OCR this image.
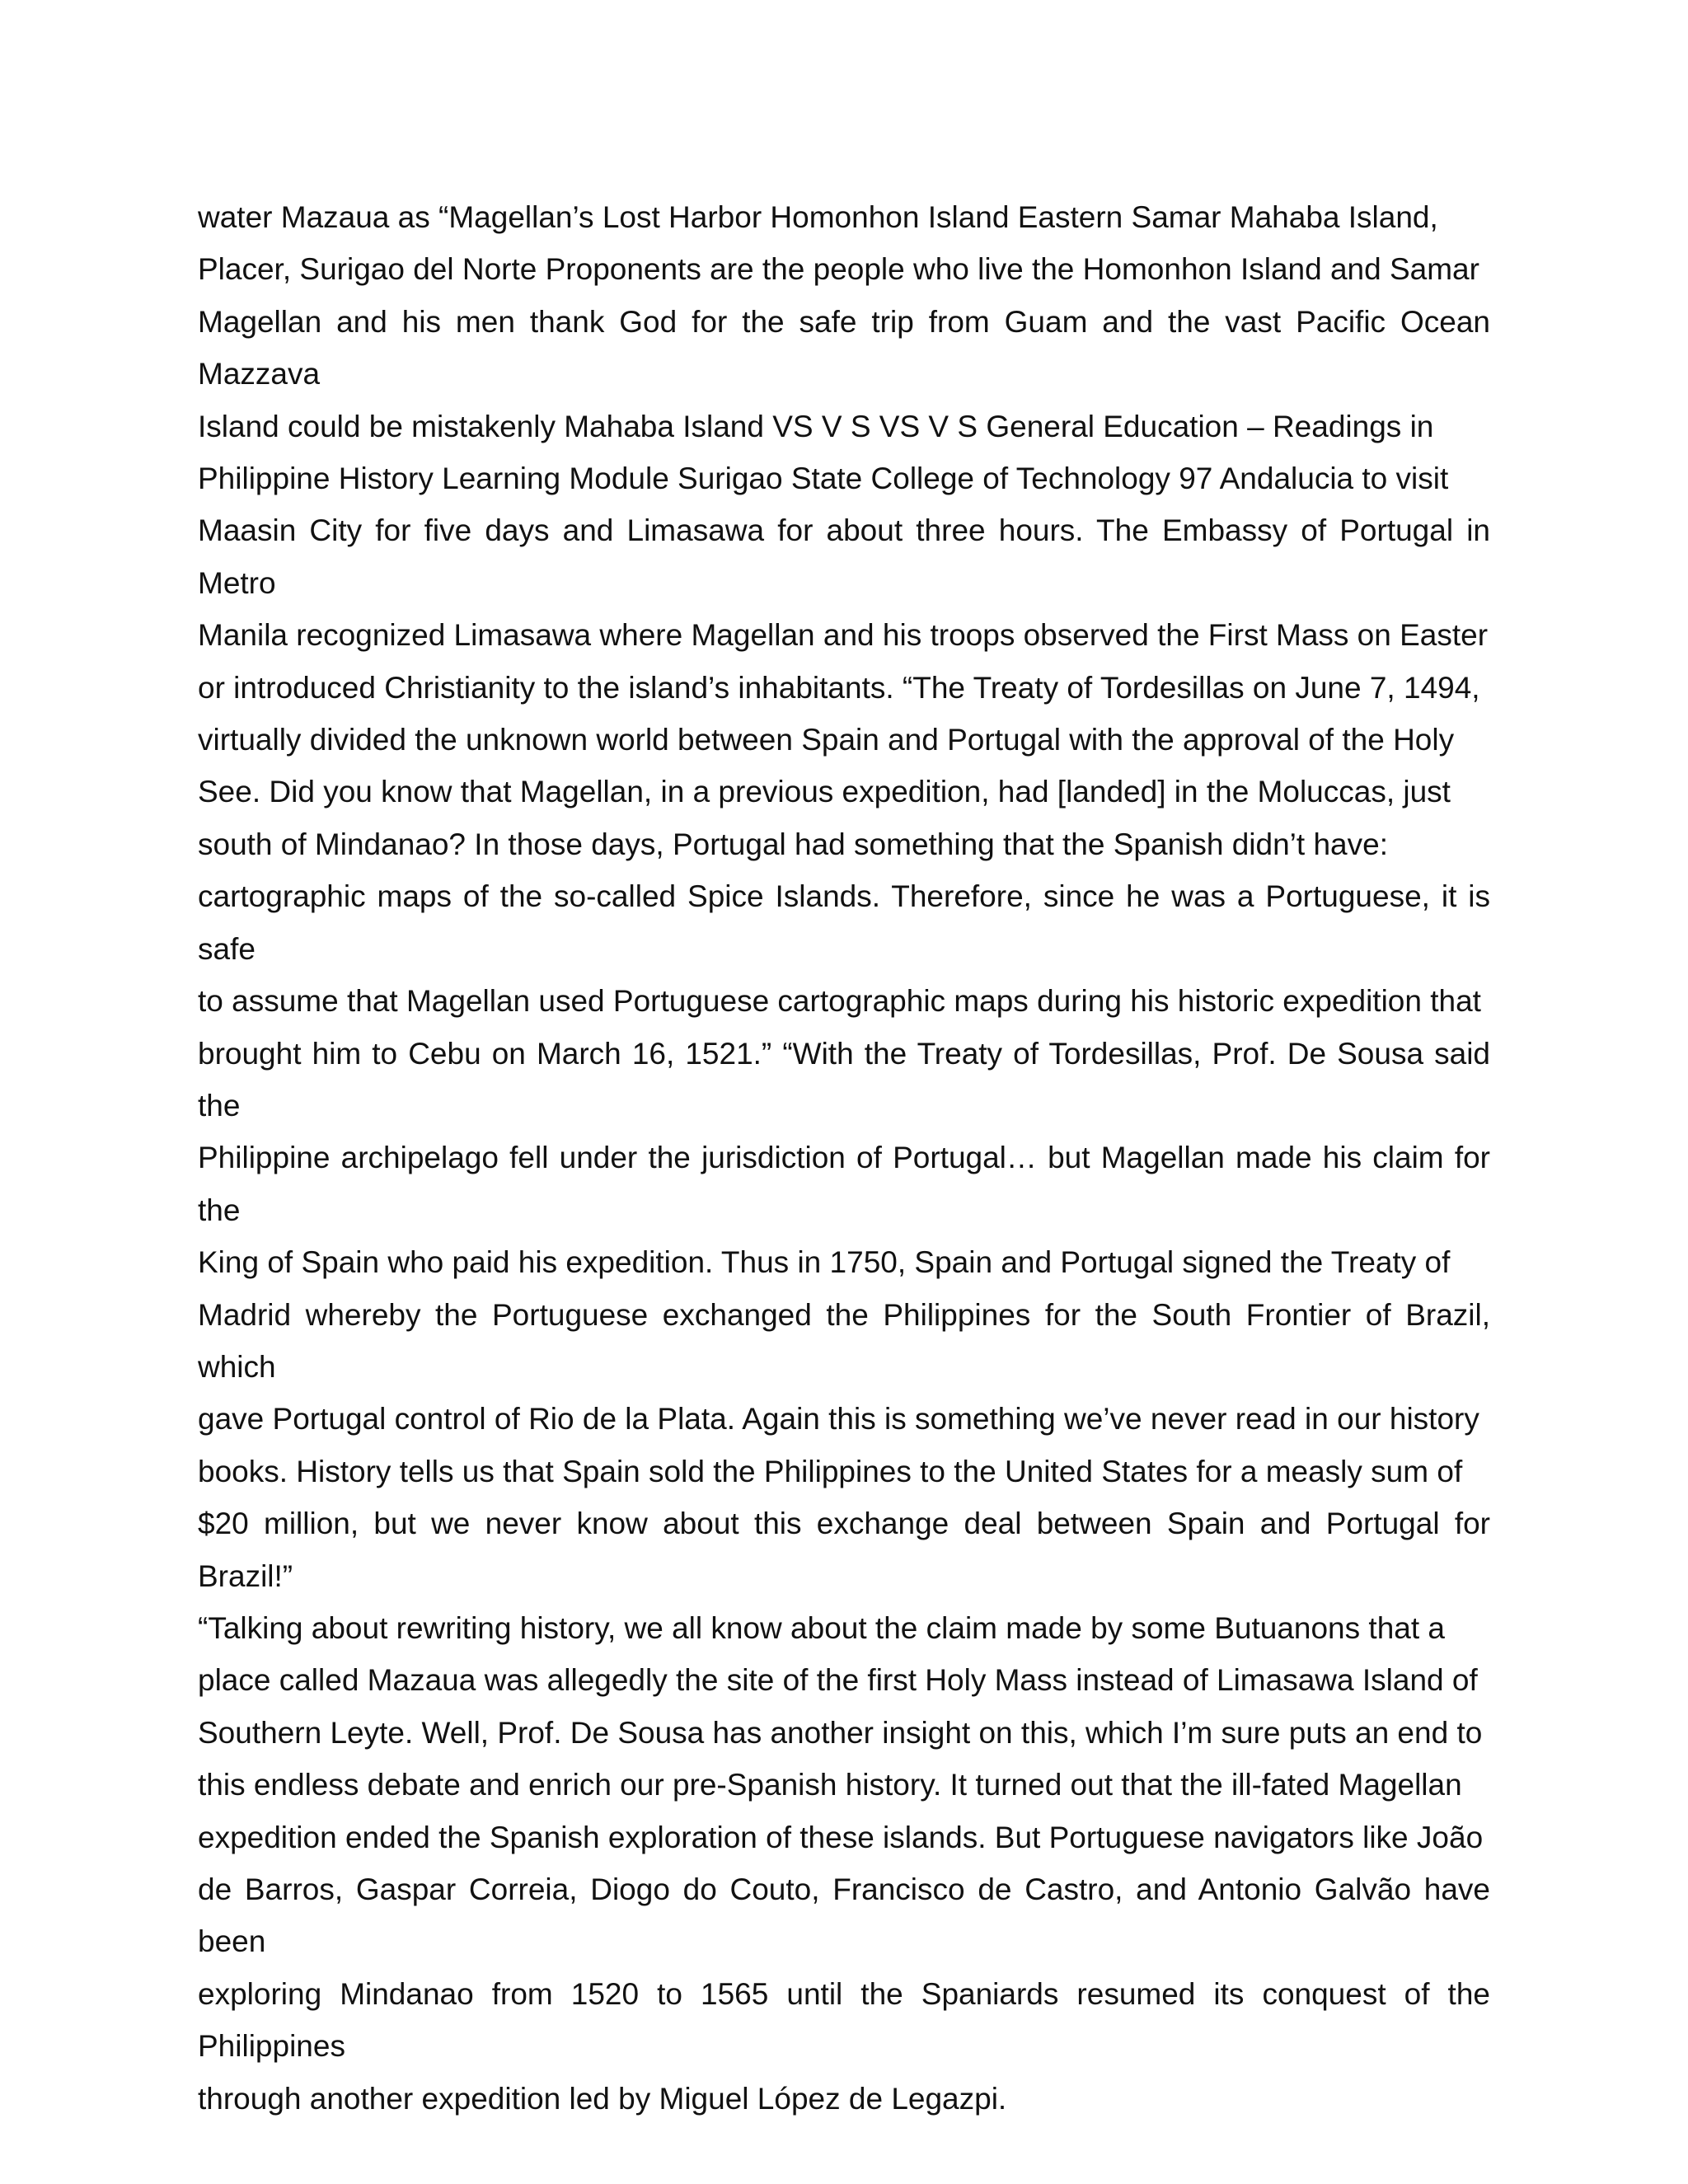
water Mazaua as “Magellan’s Lost Harbor Homonhon Island Eastern Samar Mahaba Island,
Placer, Surigao del Norte Proponents are the people who live the Homonhon Island and Samar
Magellan and his men thank God for the safe trip from Guam and the vast Pacific Ocean Mazzava
Island could be mistakenly Mahaba Island VS V S VS V S General Education – Readings in
Philippine History Learning Module Surigao State College of Technology 97 Andalucia to visit
Maasin City for five days and Limasawa for about three hours. The Embassy of Portugal in Metro
Manila recognized Limasawa where Magellan and his troops observed the First Mass on Easter
or introduced Christianity to the island’s inhabitants. “The Treaty of Tordesillas on June 7, 1494,
virtually divided the unknown world between Spain and Portugal with the approval of the Holy
See. Did you know that Magellan, in a previous expedition, had [landed] in the Moluccas, just
south of Mindanao? In those days, Portugal had something that the Spanish didn’t have:
cartographic maps of the so-called Spice Islands. Therefore, since he was a Portuguese, it is safe
to assume that Magellan used Portuguese cartographic maps during his historic expedition that
brought him to Cebu on March 16, 1521.” “With the Treaty of Tordesillas, Prof. De Sousa said the
Philippine archipelago fell under the jurisdiction of Portugal… but Magellan made his claim for the
King of Spain who paid his expedition. Thus in 1750, Spain and Portugal signed the Treaty of
Madrid whereby the Portuguese exchanged the Philippines for the South Frontier of Brazil, which
gave Portugal control of Rio de la Plata. Again this is something we’ve never read in our history
books. History tells us that Spain sold the Philippines to the United States for a measly sum of
$20 million, but we never know about this exchange deal between Spain and Portugal for Brazil!”
“Talking about rewriting history, we all know about the claim made by some Butuanons that a
place called Mazaua was allegedly the site of the first Holy Mass instead of Limasawa Island of
Southern Leyte. Well, Prof. De Sousa has another insight on this, which I’m sure puts an end to
this endless debate and enrich our pre-Spanish history. It turned out that the ill-fated Magellan
expedition ended the Spanish exploration of these islands. But Portuguese navigators like João
de Barros, Gaspar Correia, Diogo do Couto, Francisco de Castro, and Antonio Galvão have been
exploring Mindanao from 1520 to 1565 until the Spaniards resumed its conquest of the Philippines
through another expedition led by Miguel López de Legazpi.
